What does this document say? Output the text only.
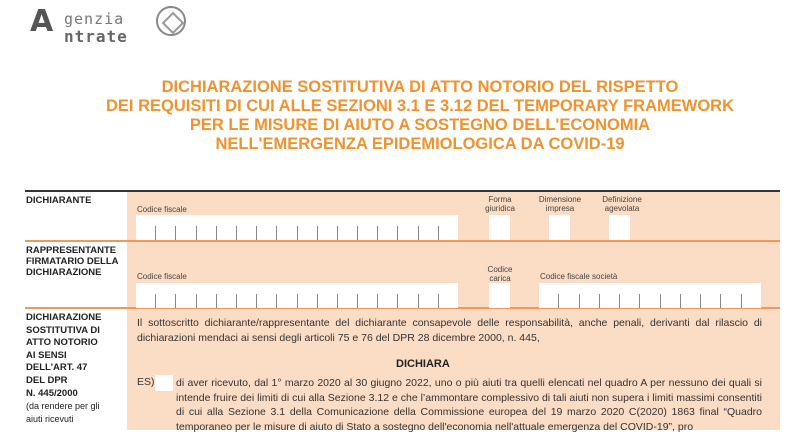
A genzia
ntrate
DICHIARAZIONE SOSTITUTIVA DI ATTO NOTORIO DEL RISPETTO
DEI REQUISITI DI CUI ALLE SEZIONI 3.1 E 3.12 DEL TEMPORARY FRAMEWORK
PER LE MISURE DI AIUTO A SOSTEGNO DELL'ECONOMIA
NELL'EMERGENZA EPIDEMIOLOGICA DA COVID-19
DICHIARANTE
Codice fiscale
Forma
giuridica
Dimensione
impresa
Definizione
agevolata
RAPPRESENTANTE
FIRMATARIO DELLA
DICHIARAZIONE	Codice fiscale
Codice
carica	Codice fiscale società
DICHIARAZIONE
SOSTITUTIVA DI
ATTO NOTORIO
AI SENSI
DELL'ART. 47
DEL DPR
N. 445/2000
(da rendere per gli
aiuti ricevuti
Il sottoscritto dichiarante/rappresentante del dichiarante consapevole delle responsabilità, anche penali, derivanti dal rilascio di dichiarazioni mendaci ai sensi degli articoli 75 e 76 del DPR 28 dicembre 2000, n. 445,
DICHIARA
ES) di aver ricevuto, dal 1° marzo 2020 al 30 giugno 2022, uno o più aiuti tra quelli elencati nel quadro A per nessuno dei quali si intende fruire dei limiti di cui alla Sezione 3.12 e che l’ammontare complessivo di tali aiuti non supera i limiti massimi consentiti di cui alla Sezione 3.1 della Comunicazione della Commissione europea del 19 marzo 2020 C(2020) 1863 final “Quadro temporaneo per le misure di aiuto di Stato a sostegno dell'economia nell'attuale emergenza del COVID-19”, pro
